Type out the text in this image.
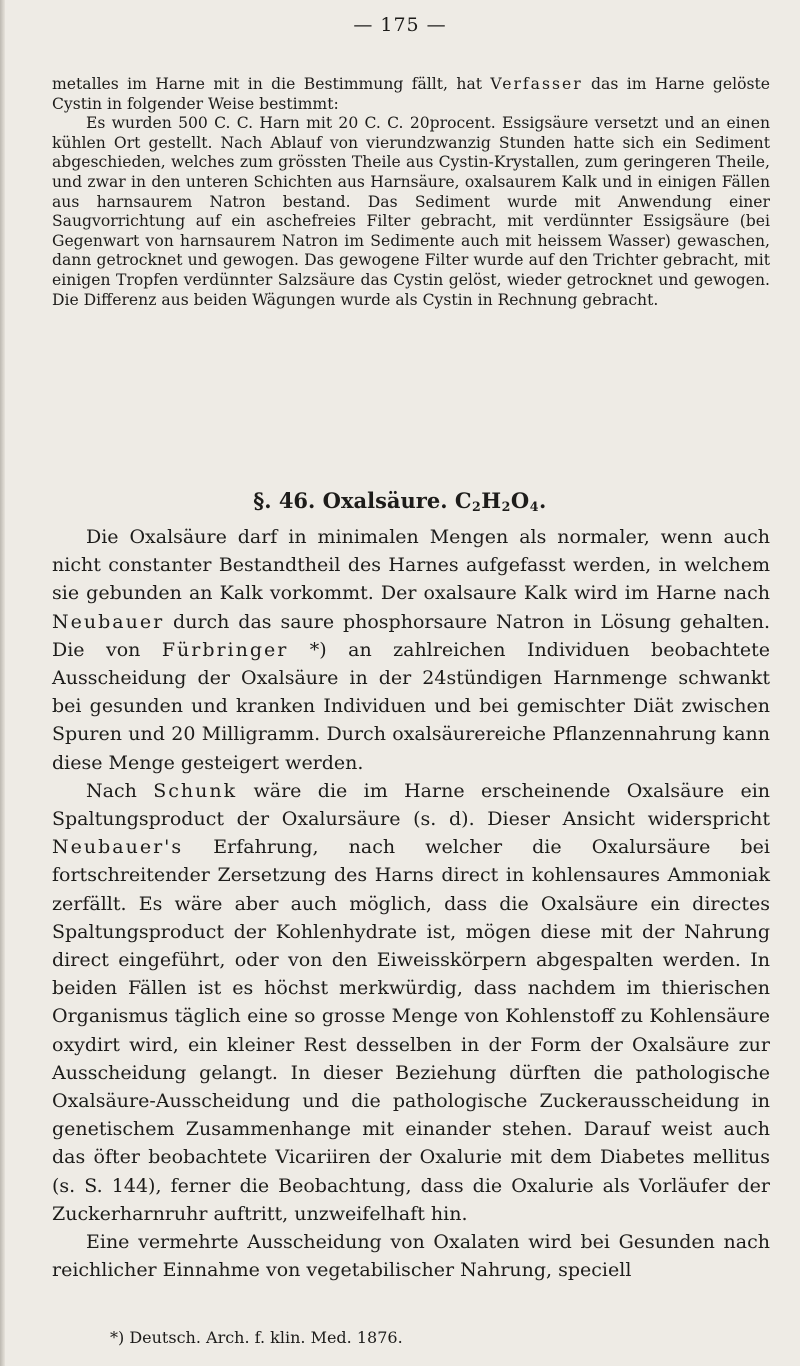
— 175 —

metalles im Harne mit in die Bestimmung fällt, hat Verfasser das im Harne gelöste Cystin in folgender Weise bestimmt:

Es wurden 500 C. C. Harn mit 20 C. C. 20procent. Essigsäure versetzt und an einen kühlen Ort gestellt. Nach Ablauf von vierundzwanzig Stunden hatte sich ein Sediment abgeschieden, welches zum grössten Theile aus Cystin-Krystallen, zum geringeren Theile, und zwar in den unteren Schichten aus Harnsäure, oxalsaurem Kalk und in einigen Fällen aus harnsaurem Natron bestand. Das Sediment wurde mit Anwendung einer Saugvorrichtung auf ein aschefreies Filter gebracht, mit verdünnter Essigsäure (bei Gegenwart von harnsaurem Natron im Sedimente auch mit heissem Wasser) gewaschen, dann getrocknet und gewogen. Das gewogene Filter wurde auf den Trichter gebracht, mit einigen Tropfen verdünnter Salzsäure das Cystin gelöst, wieder getrocknet und gewogen. Die Differenz aus beiden Wägungen wurde als Cystin in Rechnung gebracht.

§. 46. Oxalsäure. $C_2H_2O_4$.

Die Oxalsäure darf in minimalen Mengen als normaler, wenn auch nicht constanter Bestandtheil des Harnes aufgefasst werden, in welchem sie gebunden an Kalk vorkommt. Der oxalsaure Kalk wird im Harne nach Neubauer durch das saure phosphorsaure Natron in Lösung gehalten. Die von Fürbringer *) an zahlreichen Individuen beobachtete Ausscheidung der Oxalsäure in der 24stündigen Harnmenge schwankt bei gesunden und kranken Individuen und bei gemischter Diät zwischen Spuren und 20 Milligramm. Durch oxalsäurereiche Pflanzennahrung kann diese Menge gesteigert werden.

Nach Schunk wäre die im Harne erscheinende Oxalsäure ein Spaltungsproduct der Oxalursäure (s. d). Dieser Ansicht widerspricht Neubauer's Erfahrung, nach welcher die Oxalursäure bei fortschreitender Zersetzung des Harns direct in kohlensaures Ammoniak zerfällt. Es wäre aber auch möglich, dass die Oxalsäure ein directes Spaltungsproduct der Kohlenhydrate ist, mögen diese mit der Nahrung direct eingeführt, oder von den Eiweisskörpern abgespalten werden. In beiden Fällen ist es höchst merkwürdig, dass nachdem im thierischen Organismus täglich eine so grosse Menge von Kohlenstoff zu Kohlensäure oxydirt wird, ein kleiner Rest desselben in der Form der Oxalsäure zur Ausscheidung gelangt. In dieser Beziehung dürften die pathologische Oxalsäure-Ausscheidung und die pathologische Zuckerausscheidung in genetischem Zusammenhange mit einander stehen. Darauf weist auch das öfter beobachtete Vicariiren der Oxalurie mit dem Diabetes mellitus (s. S. 144), ferner die Beobachtung, dass die Oxalurie als Vorläufer der Zuckerharnruhr auftritt, unzweifelhaft hin.

Eine vermehrte Ausscheidung von Oxalaten wird bei Gesunden nach reichlicher Einnahme von vegetabilischer Nahrung, speciell

*) Deutsch. Arch. f. klin. Med. 1876.
